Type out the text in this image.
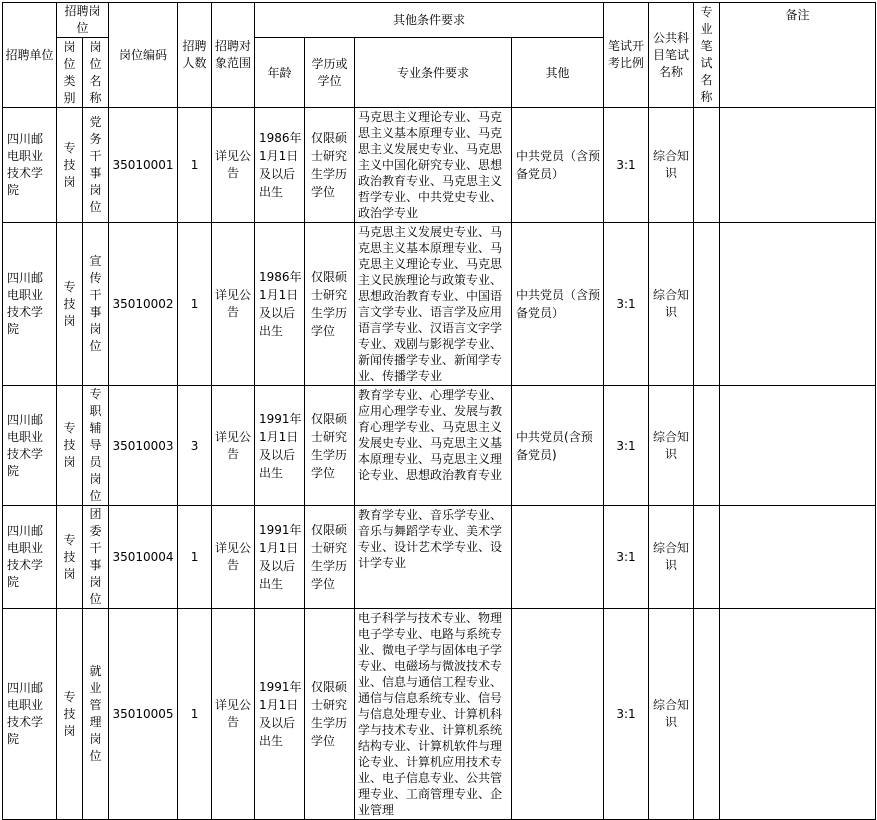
招聘单位	招聘岗位		岗位编码	招聘人数	招聘对象范围	其他条件要求				笔试开考比例	公共科目笔试名称	专业笔试名称	备注
	岗位类别	岗位名称				年龄	学历或学位	专业条件要求	其他				
四川邮电职业技术学院	专技岗	党务干事岗位	35010001	1	详见公告	1986年1月1日及以后出生	仅限硕士研究生学历学位	马克思主义理论专业、马克思主义基本原理专业、马克思主义发展史专业、马克思主义中国化研究专业、思想政治教育专业、马克思主义哲学专业、中共党史专业、政治学专业	中共党员（含预备党员）	3:1	综合知识		
四川邮电职业技术学院	专技岗	宣传干事岗位	35010002	1	详见公告	1986年1月1日及以后出生	仅限硕士研究生学历学位	马克思主义发展史专业、马克思主义基本原理专业、马克思主义理论专业、马克思主义民族理论与政策专业、思想政治教育专业、中国语言文学专业、语言学及应用语言学专业、汉语言文字学专业、戏剧与影视学专业、新闻传播学专业、新闻学专业、传播学专业	中共党员（含预备党员）	3:1	综合知识		
四川邮电职业技术学院	专技岗	专职辅导员岗位	35010003	3	详见公告	1991年1月1日及以后出生	仅限硕士研究生学历学位	教育学专业、心理学专业、应用心理学专业、发展与教育心理学专业、马克思主义发展史专业、马克思主义基本原理专业、马克思主义理论专业、思想政治教育专业	中共党员(含预备党员)	3:1	综合知识		
四川邮电职业技术学院	专技岗	团委干事岗位	35010004	1	详见公告	1991年1月1日及以后出生	仅限硕士研究生学历学位	教育学专业、音乐学专业、音乐与舞蹈学专业、美术学专业、设计艺术学专业、设计学专业		3:1	综合知识		
四川邮电职业技术学院	专技岗	就业管理岗位	35010005	1	详见公告	1991年1月1日及以后出生	仅限硕士研究生学历学位	电子科学与技术专业、物理电子学专业、电路与系统专业、微电子学与固体电子学专业、电磁场与微波技术专业、信息与通信工程专业、通信与信息系统专业、信号与信息处理专业、计算机科学与技术专业、计算机系统结构专业、计算机软件与理论专业、计算机应用技术专业、电子信息专业、公共管理专业、工商管理专业、企业管理		3:1	综合知识		
